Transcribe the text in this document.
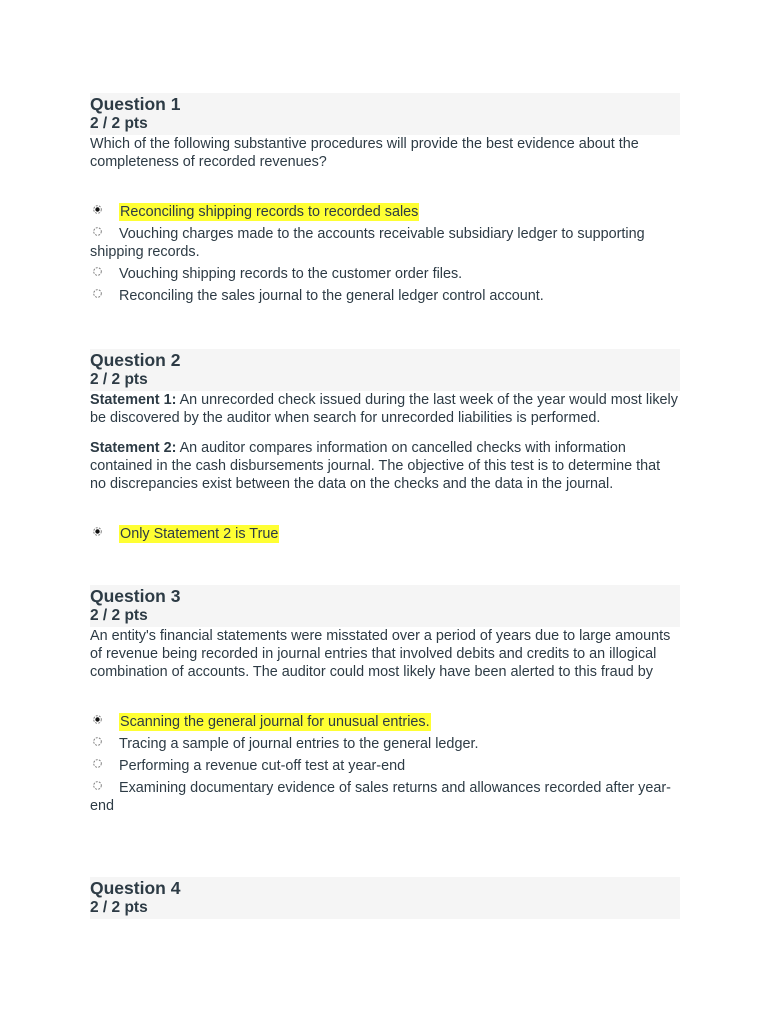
Question 1
2 / 2 pts

Which of the following substantive procedures will provide the best evidence about the completeness of recorded revenues?

Reconciling shipping records to recorded sales
Vouching charges made to the accounts receivable subsidiary ledger to supporting shipping records.
Vouching shipping records to the customer order files.
Reconciling the sales journal to the general ledger control account.
Question 2
2 / 2 pts

Statement 1: An unrecorded check issued during the last week of the year would most likely be discovered by the auditor when search for unrecorded liabilities is performed.

Statement 2: An auditor compares information on cancelled checks with information contained in the cash disbursements journal. The objective of this test is to determine that no discrepancies exist between the data on the checks and the data in the journal.

Only Statement 2 is True
Question 3
2 / 2 pts

An entity's financial statements were misstated over a period of years due to large amounts of revenue being recorded in journal entries that involved debits and credits to an illogical combination of accounts. The auditor could most likely have been alerted to this fraud by

Scanning the general journal for unusual entries.
Tracing a sample of journal entries to the general ledger.
Performing a revenue cut-off test at year-end
Examining documentary evidence of sales returns and allowances recorded after year-end
Question 4
2 / 2 pts
